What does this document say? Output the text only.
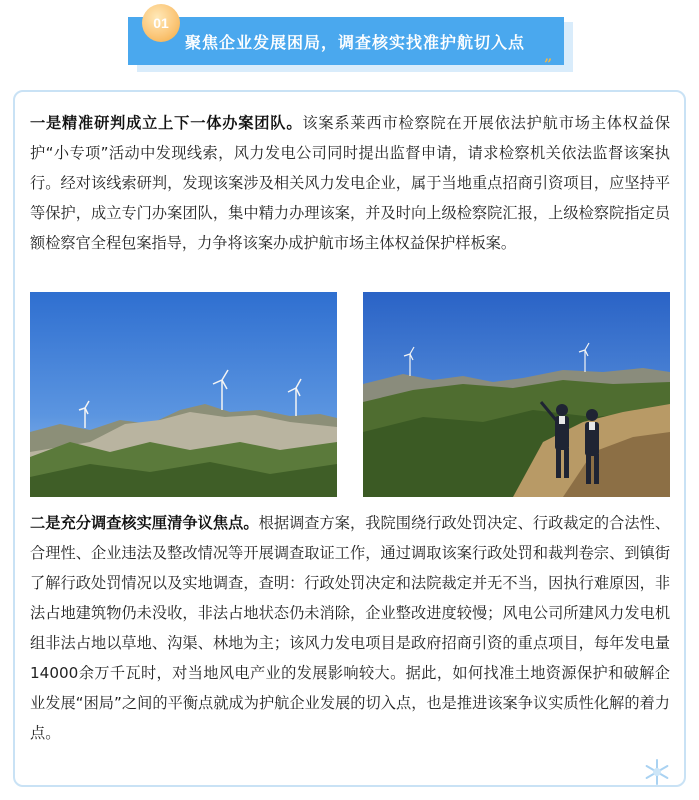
01
聚焦企业发展困局，调查核实找准护航切入点
”

一是精准研判成立上下一体办案团队。该案系莱西市检察院在开展依法护航市场主体权益保护“小专项”活动中发现线索，风力发电公司同时提出监督申请，请求检察机关依法监督该案执行。经对该线索研判，发现该案涉及相关风力发电企业，属于当地重点招商引资项目，应坚持平等保护，成立专门办案团队，集中精力办理该案，并及时向上级检察院汇报，上级检察院指定员额检察官全程包案指导，力争将该案办成护航市场主体权益保护样板案。

二是充分调查核实厘清争议焦点。根据调查方案，我院围绕行政处罚决定、行政裁定的合法性、合理性、企业违法及整改情况等开展调查取证工作，通过调取该案行政处罚和裁判卷宗、到镇街了解行政处罚情况以及实地调查，查明：行政处罚决定和法院裁定并无不当，因执行难原因，非法占地建筑物仍未没收，非法占地状态仍未消除，企业整改进度较慢；风电公司所建风力发电机组非法占地以草地、沟渠、林地为主；该风力发电项目是政府招商引资的重点项目，每年发电量14000余万千瓦时，对当地风电产业的发展影响较大。据此，如何找准土地资源保护和破解企业发展“困局”之间的平衡点就成为护航企业发展的切入点，也是推进该案争议实质性化解的着力点。
